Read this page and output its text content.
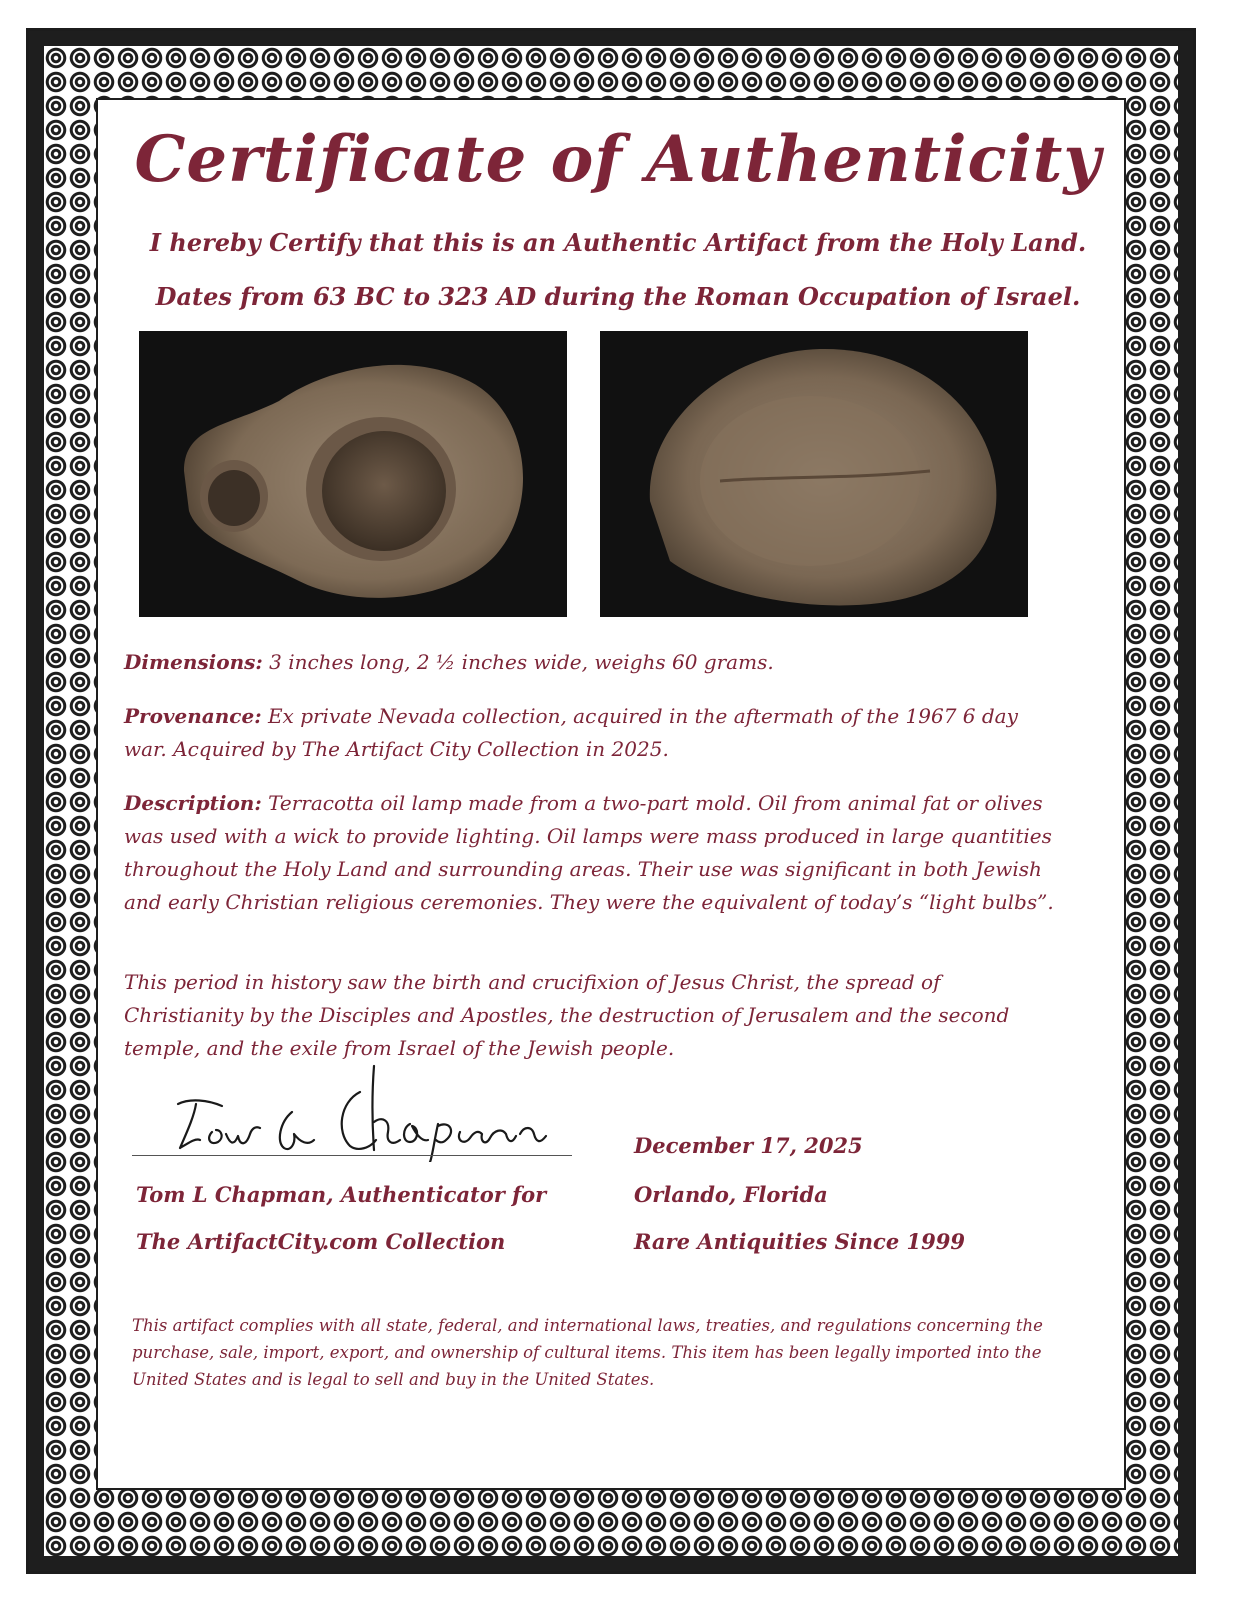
Certificate of Authenticity
I hereby Certify that this is an Authentic Artifact from the Holy Land.
Dates from 63 BC to 323 AD during the Roman Occupation of Israel.
Dimensions: 3 inches long, 2 ½ inches wide, weighs 60 grams.
Provenance: Ex private Nevada collection, acquired in the aftermath of the 1967 6 day war. Acquired by The Artifact City Collection in 2025.
Description: Terracotta oil lamp made from a two-part mold. Oil from animal fat or olives was used with a wick to provide lighting. Oil lamps were mass produced in large quantities throughout the Holy Land and surrounding areas. Their use was significant in both Jewish and early Christian religious ceremonies. They were the equivalent of today’s “light bulbs”.
This period in history saw the birth and crucifixion of Jesus Christ, the spread of Christianity by the Disciples and Apostles, the destruction of Jerusalem and the second temple, and the exile from Israel of the Jewish people.
Tom L Chapman, Authenticator for
The ArtifactCity.com Collection
December 17, 2025
Orlando, Florida
Rare Antiquities Since 1999
This artifact complies with all state, federal, and international laws, treaties, and regulations concerning the purchase, sale, import, export, and ownership of cultural items. This item has been legally imported into the United States and is legal to sell and buy in the United States.
